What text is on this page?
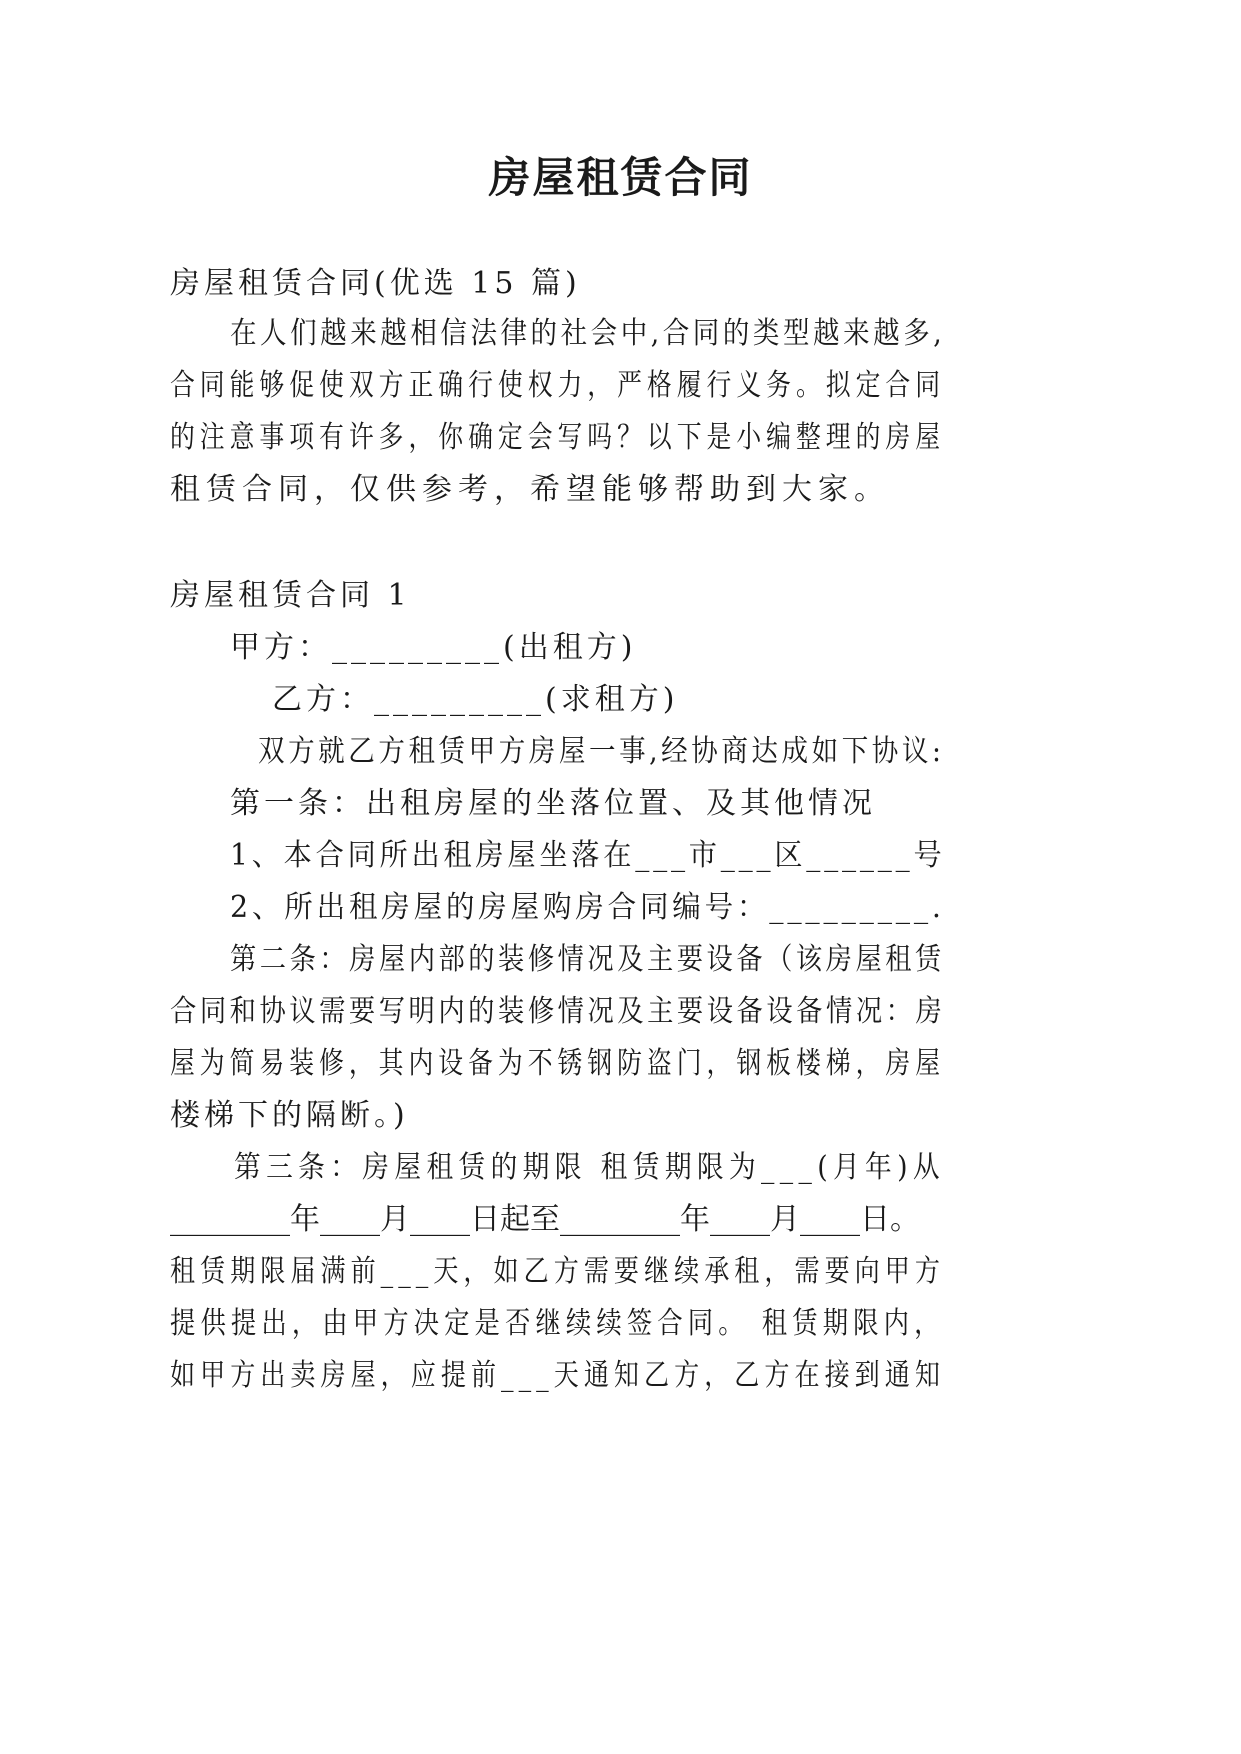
房屋租赁合同
房屋租赁合同(优选 15 篇)
在人们越来越相信法律的社会中,合同的类型越来越多,
合同能够促使双方正确行使权力，严格履行义务。拟定合同
的注意事项有许多，你确定会写吗？以下是小编整理的房屋
租赁合同，仅供参考，希望能够帮助到大家。
房屋租赁合同 1
甲方：_________(出租方)
乙方：_________(求租方)
双方就乙方租赁甲方房屋一事,经协商达成如下协议:
第一条：出租房屋的坐落位置、及其他情况
1、本合同所出租房屋坐落在___市___区______号
2、所出租房屋的房屋购房合同编号：_________.
第二条：房屋内部的装修情况及主要设备（该房屋租赁
合同和协议需要写明内的装修情况及主要设备设备情况：房
屋为简易装修，其内设备为不锈钢防盗门，钢板楼梯，房屋
楼梯下的隔断。)
第三条：房屋租赁的期限 租赁期限为___(月年)从
________年____月____日起至________年____月____日。
租赁期限届满前___天，如乙方需要继续承租，需要向甲方
提供提出，由甲方决定是否继续续签合同。 租赁期限内，
如甲方出卖房屋，应提前___天通知乙方，乙方在接到通知
